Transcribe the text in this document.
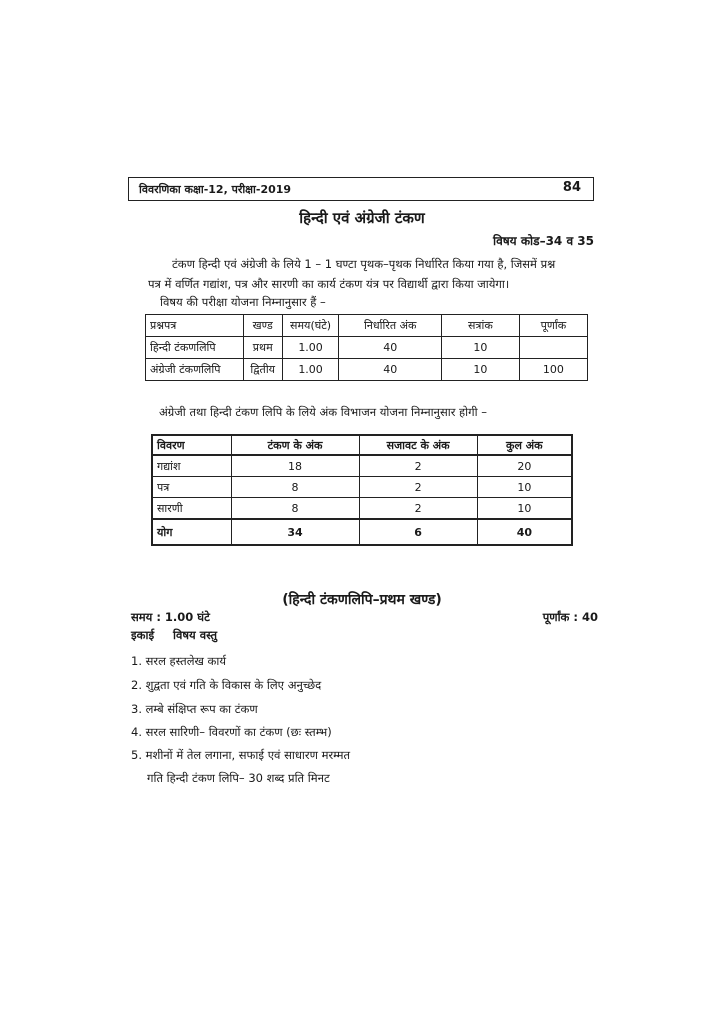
विवरणिका कक्षा-12, परीक्षा-2019	84
हिन्दी एवं अंग्रेजी टंकण
विषय कोड–34 व 35
टंकण हिन्दी एवं अंग्रेजी के लिये 1 – 1 घण्टा पृथक–पृथक निर्धारित किया गया है, जिसमें प्रश्न
पत्र में वर्णित गद्यांश, पत्र और सारणी का कार्य टंकण यंत्र पर विद्यार्थी द्वारा किया जायेगा।
विषय की परीक्षा योजना निम्नानुसार हैं –
प्रश्नपत्र	खण्ड	समय(घंटे)	निर्धारित अंक	सत्रांक	पूर्णांक
हिन्दी टंकणलिपि	प्रथम	1.00	40	10	
अंग्रेजी टंकणलिपि	द्वितीय	1.00	40	10	100
अंग्रेजी तथा हिन्दी टंकण लिपि के लिये अंक विभाजन योजना निम्नानुसार होगी –
विवरण	टंकण के अंक	सजावट के अंक	कुल अंक
गद्यांश	18	2	20
पत्र	8	2	10
सारणी	8	2	10
योग	34	6	40
(हिन्दी टंकणलिपि–प्रथम खण्ड)
समय : 1.00 घंटे	पूर्णांक : 40
इकाई विषय वस्तु
1. सरल हस्तलेख कार्य
2. शुद्वता एवं गति के विकास के लिए अनुच्छेद
3. लम्बे संक्षिप्त रूप का टंकण
4. सरल सारिणी– विवरणों का टंकण (छः स्तम्भ)
5. मशीनों में तेल लगाना, सफाई एवं साधारण मरम्मत
गति हिन्दी टंकण लिपि– 30 शब्द प्रति मिनट
